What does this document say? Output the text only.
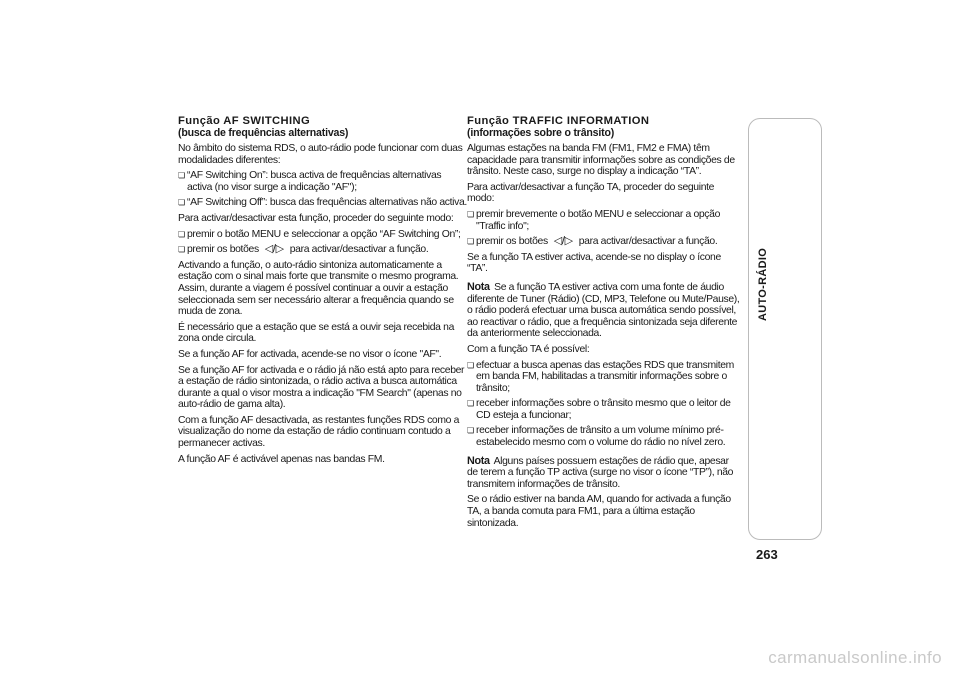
Função AF SWITCHING
(busca de frequências alternativas)

No âmbito do sistema RDS, o auto-rádio pode funcionar com duas modalidades diferentes:

❏ “AF Switching On”: busca activa de frequências alternativas activa (no visor surge a indicação "AF");
❏ “AF Switching Off”: busca das frequências alternativas não activa.

Para activar/desactivar esta função, proceder do seguinte modo:

❏ premir o botão MENU e seleccionar a opção “AF Switching On”;
❏ premir os botões ◁/▷ para activar/desactivar a função.

Activando a função, o auto-rádio sintoniza automaticamente a estação com o sinal mais forte que transmite o mesmo programa. Assim, durante a viagem é possível continuar a ouvir a estação seleccionada sem ser necessário alterar a frequência quando se muda de zona.

É necessário que a estação que se está a ouvir seja recebida na zona onde circula.

Se a função AF for activada, acende-se no visor o ícone "AF".

Se a função AF for activada e o rádio já não está apto para receber a estação de rádio sintonizada, o rádio activa a busca automática durante a qual o visor mostra a indicação "FM Search" (apenas no auto-rádio de gama alta).

Com a função AF desactivada, as restantes funções RDS como a visualização do nome da estação de rádio continuam contudo a permanecer activas.

A função AF é activável apenas nas bandas FM.

Função TRAFFIC INFORMATION
(informações sobre o trânsito)

Algumas estações na banda FM (FM1, FM2 e FMA) têm capacidade para transmitir informações sobre as condições de trânsito. Neste caso, surge no display a indicação “TA”.

Para activar/desactivar a função TA, proceder do seguinte modo:

❏ premir brevemente o botão MENU e seleccionar a opção "Traffic info";
❏ premir os botões ◁/▷ para activar/desactivar a função.

Se a função TA estiver activa, acende-se no display o ícone “TA”.

Nota Se a função TA estiver activa com uma fonte de áudio diferente de Tuner (Rádio) (CD, MP3, Telefone ou Mute/Pause), o rádio poderá efectuar uma busca automática sendo possível, ao reactivar o rádio, que a frequência sintonizada seja diferente da anteriormente seleccionada.

Com a função TA é possível:

❏ efectuar a busca apenas das estações RDS que transmitem em banda FM, habilitadas a transmitir informações sobre o trânsito;
❏ receber informações sobre o trânsito mesmo que o leitor de CD esteja a funcionar;
❏ receber informações de trânsito a um volume mínimo pré-estabelecido mesmo com o volume do rádio no nível zero.

Nota Alguns países possuem estações de rádio que, apesar de terem a função TP activa (surge no visor o ícone “TP”), não transmitem informações de trânsito.

Se o rádio estiver na banda AM, quando for activada a função TA, a banda comuta para FM1, para a última estação sintonizada.

AUTO-RÁDIO
263
carmanualsonline.info
